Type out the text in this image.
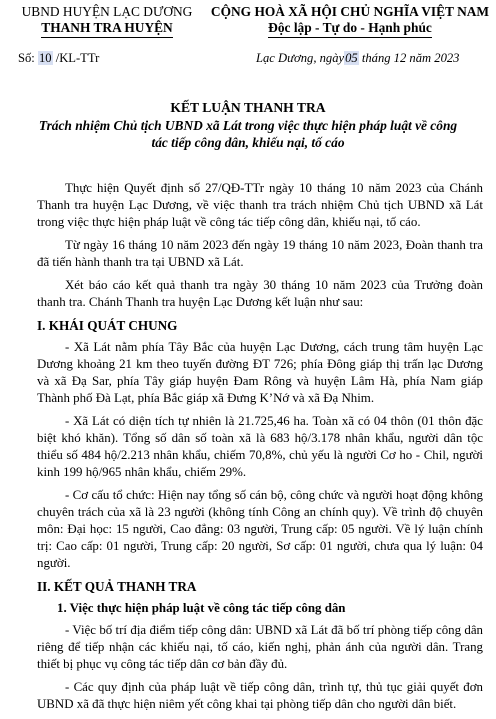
UBND HUYỆN LẠC DƯƠNG
THANH TRA HUYỆN
CỘNG HOÀ XÃ HỘI CHỦ NGHĨA VIỆT NAM
Độc lập - Tự do - Hạnh phúc
Số: 10 /KL-TTr	Lạc Dương, ngày05 tháng 12 năm 2023
KẾT LUẬN THANH TRA
Trách nhiệm Chủ tịch UBND xã Lát trong việc thực hiện pháp luật về công
tác tiếp công dân, khiếu nại, tố cáo

Thực hiện Quyết định số 27/QĐ-TTr ngày 10 tháng 10 năm 2023 của Chánh Thanh tra huyện Lạc Dương, về việc thanh tra trách nhiệm Chủ tịch UBND xã Lát trong việc thực hiện pháp luật về công tác tiếp công dân, khiếu nại, tố cáo.

Từ ngày 16 tháng 10 năm 2023 đến ngày 19 tháng 10 năm 2023, Đoàn thanh tra đã tiến hành thanh tra tại UBND xã Lát.

Xét báo cáo kết quả thanh tra ngày 30 tháng 10 năm 2023 của Trưởng đoàn thanh tra. Chánh Thanh tra huyện Lạc Dương kết luận như sau:

I. KHÁI QUÁT CHUNG

- Xã Lát nằm phía Tây Bắc của huyện Lạc Dương, cách trung tâm huyện Lạc Dương khoảng 21 km theo tuyến đường ĐT 726; phía Đông giáp thị trấn lạc Dương và xã Đạ Sar, phía Tây giáp huyện Đam Rông và huyện Lâm Hà, phía Nam giáp Thành phố Đà Lạt, phía Bắc giáp xã Đưng K’Nớ và xã Đạ Nhim.

- Xã Lát có diện tích tự nhiên là 21.725,46 ha. Toàn xã có 04 thôn (01 thôn đặc biệt khó khăn). Tổng số dân số toàn xã là 683 hộ/3.178 nhân khẩu, người dân tộc thiểu số 484 hộ/2.213 nhân khẩu, chiếm 70,8%, chủ yếu là người Cơ ho - Chil, người kinh 199 hộ/965 nhân khẩu, chiếm 29%.

- Cơ cấu tổ chức: Hiện nay tổng số cán bộ, công chức và người hoạt động không chuyên trách của xã là 23 người (không tính Công an chính quy). Về trình độ chuyên môn: Đại học: 15 người, Cao đẳng: 03 người, Trung cấp: 05 người. Về lý luận chính trị: Cao cấp: 01 người, Trung cấp: 20 người, Sơ cấp: 01 người, chưa qua lý luận: 04 người.

II. KẾT QUẢ THANH TRA
1. Việc thực hiện pháp luật về công tác tiếp công dân

- Việc bố trí địa điểm tiếp công dân: UBND xã Lát đã bố trí phòng tiếp công dân riêng để tiếp nhận các khiếu nại, tố cáo, kiến nghị, phản ánh của người dân. Trang thiết bị phục vụ công tác tiếp dân cơ bản đầy đủ.

- Các quy định của pháp luật về tiếp công dân, trình tự, thủ tục giải quyết đơn UBND xã đã thực hiện niêm yết công khai tại phòng tiếp dân cho người dân biết.
